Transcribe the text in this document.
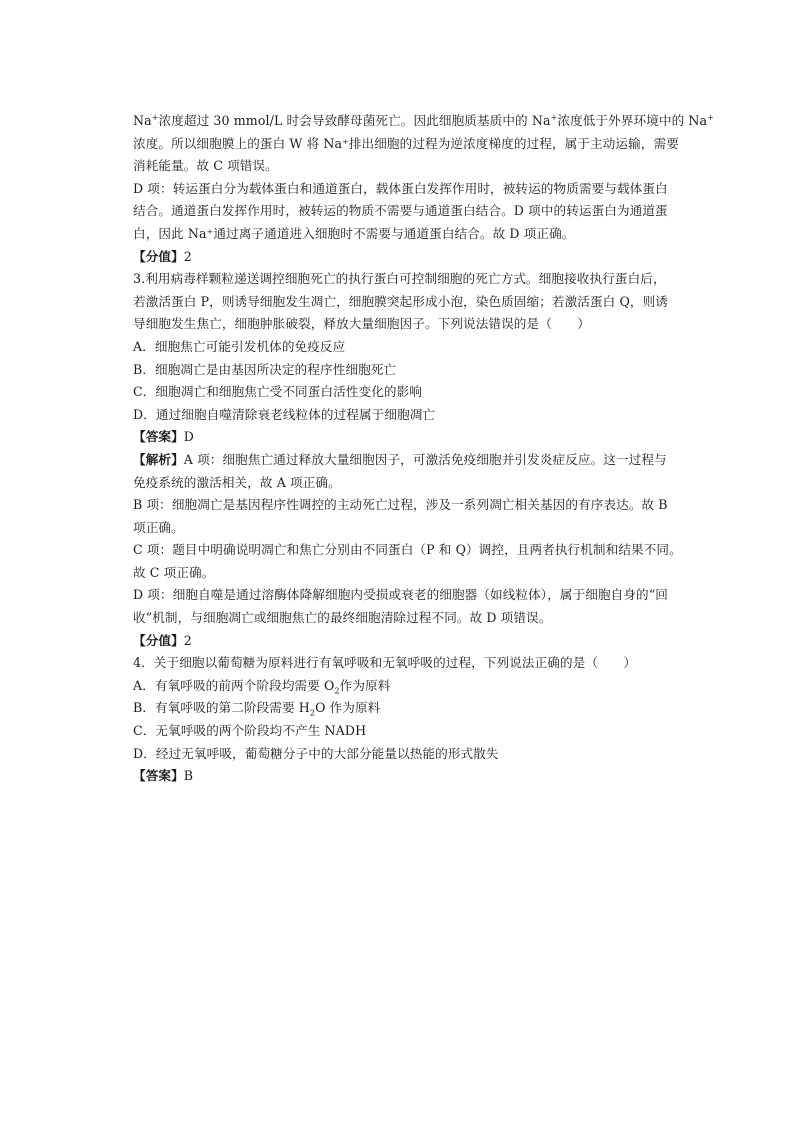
Na+浓度超过 30 mmol/L 时会导致酵母菌死亡。因此细胞质基质中的 Na+浓度低于外界环境中的 Na+

浓度。所以细胞膜上的蛋白 W 将 Na⁺排出细胞的过程为逆浓度梯度的过程，属于主动运输，需要

消耗能量。故 C 项错误。

D 项：转运蛋白分为载体蛋白和通道蛋白，载体蛋白发挥作用时，被转运的物质需要与载体蛋白

结合。通道蛋白发挥作用时，被转运的物质不需要与通道蛋白结合。D 项中的转运蛋白为通道蛋

白，因此 Na⁺通过离子通道进入细胞时不需要与通道蛋白结合。故 D 项正确。

【分值】2

3.利用病毒样颗粒递送调控细胞死亡的执行蛋白可控制细胞的死亡方式。细胞接收执行蛋白后，

若激活蛋白 P，则诱导细胞发生凋亡，细胞膜突起形成小泡，染色质固缩；若激活蛋白 Q，则诱

导细胞发生焦亡，细胞肿胀破裂，释放大量细胞因子。下列说法错误的是（　　）

A．细胞焦亡可能引发机体的免疫反应

B．细胞凋亡是由基因所决定的程序性细胞死亡

C．细胞凋亡和细胞焦亡受不同蛋白活性变化的影响

D．通过细胞自噬清除衰老线粒体的过程属于细胞凋亡

【答案】D

【解析】A 项：细胞焦亡通过释放大量细胞因子，可激活免疫细胞并引发炎症反应。这一过程与

免疫系统的激活相关，故 A 项正确。

B 项：细胞凋亡是基因程序性调控的主动死亡过程，涉及一系列凋亡相关基因的有序表达。故 B

项正确。

C 项：题目中明确说明凋亡和焦亡分别由不同蛋白（P 和 Q）调控，且两者执行机制和结果不同。

故 C 项正确。

D 项：细胞自噬是通过溶酶体降解细胞内受损或衰老的细胞器（如线粒体），属于细胞自身的“回

收”机制，与细胞凋亡或细胞焦亡的最终细胞清除过程不同。故 D 项错误。

【分值】2

4．关于细胞以葡萄糖为原料进行有氧呼吸和无氧呼吸的过程，下列说法正确的是（　　）

A．有氧呼吸的前两个阶段均需要 $O_2$作为原料

B．有氧呼吸的第二阶段需要 $H_2O$ 作为原料

C．无氧呼吸的两个阶段均不产生 NADH

D．经过无氧呼吸，葡萄糖分子中的大部分能量以热能的形式散失

【答案】B
